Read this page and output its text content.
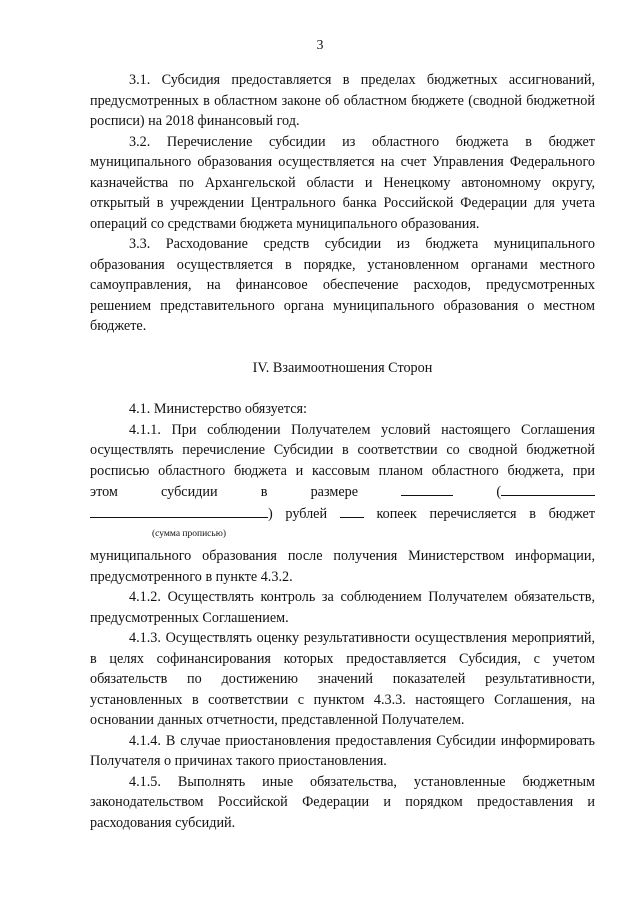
3

3.1. Субсидия предоставляется в пределах бюджетных ассигнований, предусмотренных в областном законе об областном бюджете (сводной бюджетной росписи) на 2018 финансовый год.

3.2. Перечисление субсидии из областного бюджета в бюджет муниципального образования осуществляется на счет Управления Федерального казначейства по Архангельской области и Ненецкому автономному округу, открытый в учреждении Центрального банка Российской Федерации для учета операций со средствами бюджета муниципального образования.

3.3. Расходование средств субсидии из бюджета муниципального образования осуществляется в порядке, установленном органами местного самоуправления, на финансовое обеспечение расходов, предусмотренных решением представительного органа муниципального образования о местном бюджете.

IV. Взаимоотношения Сторон

4.1. Министерство обязуется:

4.1.1. При соблюдении Получателем условий настоящего Соглашения осуществлять перечисление Субсидии в соответствии со сводной бюджетной росписью областного бюджета и кассовым планом областного бюджета, при

этом	субсидии	в	размере	(

) рублей	копеек перечисляется в бюджет

(сумма прописью)

муниципального образования после получения Министерством информации, предусмотренного в пункте 4.3.2.

4.1.2. Осуществлять контроль за соблюдением Получателем обязательств, предусмотренных Соглашением.

4.1.3. Осуществлять оценку результативности осуществления мероприятий, в целях софинансирования которых предоставляется Субсидия, с учетом обязательств по достижению значений показателей результативности, установленных в соответствии с пунктом 4.3.3. настоящего Соглашения, на основании данных отчетности, представленной Получателем.

4.1.4. В случае приостановления предоставления Субсидии информировать Получателя о причинах такого приостановления.

4.1.5. Выполнять иные обязательства, установленные бюджетным законодательством Российской Федерации и порядком предоставления и расходования субсидий.
